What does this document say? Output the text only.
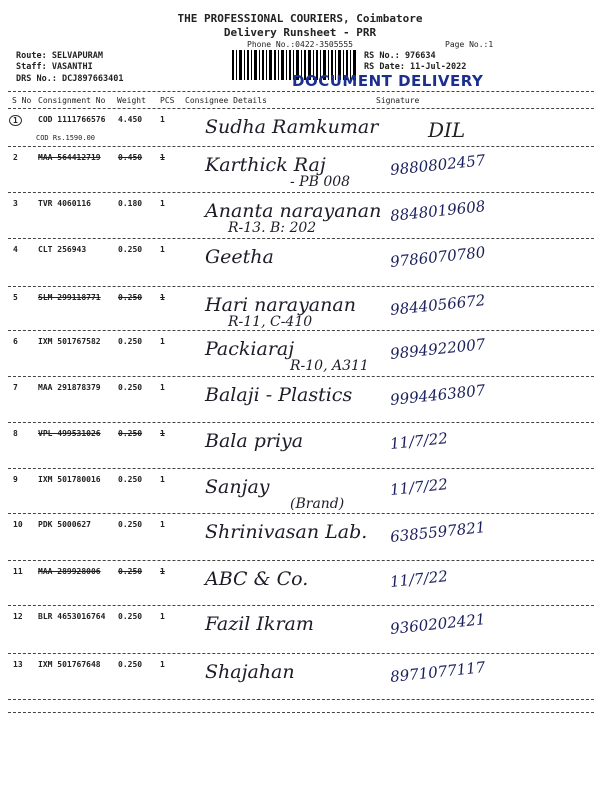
THE PROFESSIONAL COURIERS, Coimbatore
Delivery Runsheet - PRR
Phone No.:0422-3505555	Page No.:1
Route: SELVAPURAM
Staff: VASANTHI
DRS No.: DCJ897663401
RS No.: 976634
RS Date: 11-Jul-2022
DOCUMENT DELIVERY
S No Consignment No Weight PCS Consignee Details	Signature
1	COD 1111766576 4.450 1
COD Rs.1590.00	Sudha Ramkumar DIL
2	MAA 564412719 0.450 1 Karthick Raj
- PB 008
9880802457
3	TVR 4060116	0.180 1 Ananta narayanan
R-13. B: 202
8848019608
4	CLT 256943	0.250 1 Geetha	9786070780
5	SLM 299118771 0.250 1 Hari narayanan
R-11, C-410
9844056672
6	IXM 501767582 0.250 1 Packiaraj
R-10, A311
9894922007
7	MAA 291878379 0.250 1 Balaji - Plastics 9994463807
8	VPL 499531026 0.250 1 Bala priya	11/7/22
9	IXM 501780016 0.250 1 Sanjay
(Brand)
11/7/22
10 PDK 5000627	0.250 1 Shrinivasan Lab. 6385597821
11 MAA 289928006 0.250 1 ABC & Co.	11/7/22
12 BLR 4653016764 0.250 1 Fazil Ikram	9360202421
13 IXM 501767648 0.250 1 Shajahan	8971077117
